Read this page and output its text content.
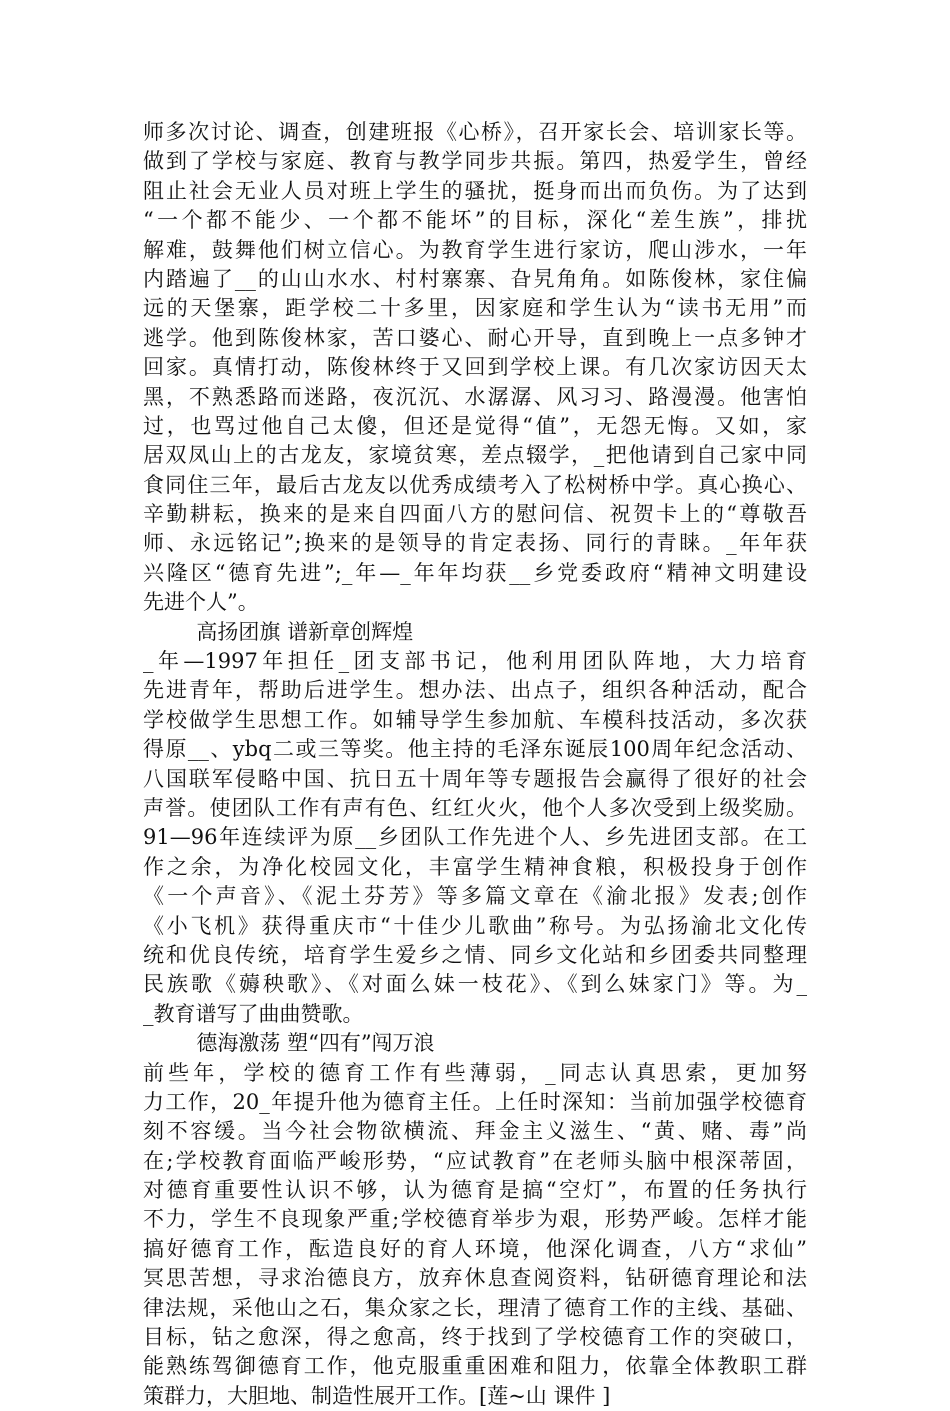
师多次讨论、调查，创建班报《心桥》，召开家长会、培训家长等。
做到了学校与家庭、教育与教学同步共振。第四，热爱学生，曾经
阻止社会无业人员对班上学生的骚扰，挺身而出而负伤。为了达到
“一个都不能少、一个都不能坏”的目标，深化“差生族”，排扰
解难，鼓舞他们树立信心。为教育学生进行家访，爬山涉水，一年
内踏遍了__的山山水水、村村寨寨、旮旯角角。如陈俊林，家住偏
远的天堡寨，距学校二十多里，因家庭和学生认为“读书无用”而
逃学。他到陈俊林家，苦口婆心、耐心开导，直到晚上一点多钟才
回家。真情打动，陈俊林终于又回到学校上课。有几次家访因天太
黑，不熟悉路而迷路，夜沉沉、水潺潺、风习习、路漫漫。他害怕
过，也骂过他自己太傻，但还是觉得“值”，无怨无悔。又如，家
居双凤山上的古龙友，家境贫寒，差点辍学，_把他请到自己家中同
食同住三年，最后古龙友以优秀成绩考入了松树桥中学。真心换心、
辛勤耕耘，换来的是来自四面八方的慰问信、祝贺卡上的“尊敬吾
师、永远铭记”;换来的是领导的肯定表扬、同行的青睐。_年年获
兴隆区“德育先进”;_年—_年年均获__乡党委政府“精神文明建设
先进个人”。
高扬团旗 谱新章创辉煌
_年—1997年担任_团支部书记，他利用团队阵地，大力培育
先进青年，帮助后进学生。想办法、出点子，组织各种活动，配合
学校做学生思想工作。如辅导学生参加航、车模科技活动，多次获
得原__、ybq二或三等奖。他主持的毛泽东诞辰100周年纪念活动、
八国联军侵略中国、抗日五十周年等专题报告会赢得了很好的社会
声誉。使团队工作有声有色、红红火火，他个人多次受到上级奖励。
91—96年连续评为原__乡团队工作先进个人、乡先进团支部。在工
作之余，为净化校园文化，丰富学生精神食粮，积极投身于创作
《一个声音》、《泥土芬芳》等多篇文章在《渝北报》发表;创作
《小飞机》获得重庆市“十佳少儿歌曲”称号。为弘扬渝北文化传
统和优良传统，培育学生爱乡之情、同乡文化站和乡团委共同整理
民族歌《薅秧歌》、《对面么妹一枝花》、《到么妹家门》等。为_
_教育谱写了曲曲赞歌。
德海激荡 塑“四有”闯万浪
前些年，学校的德育工作有些薄弱，_同志认真思索，更加努
力工作，20_年提升他为德育主任。上任时深知：当前加强学校德育
刻不容缓。当今社会物欲横流、拜金主义滋生、“黄、赌、毒”尚
在;学校教育面临严峻形势，“应试教育”在老师头脑中根深蒂固，
对德育重要性认识不够，认为德育是搞“空灯”，布置的任务执行
不力，学生不良现象严重;学校德育举步为艰，形势严峻。怎样才能
搞好德育工作，酝造良好的育人环境，他深化调查，八方“求仙”
冥思苦想，寻求治德良方，放弃休息查阅资料，钻研德育理论和法
律法规，采他山之石，集众家之长，理清了德育工作的主线、基础、
目标，钻之愈深，得之愈高，终于找到了学校德育工作的突破口，
能熟练驾御德育工作，他克服重重困难和阻力，依靠全体教职工群
策群力，大胆地、制造性展开工作。[莲~山 课件 ]
